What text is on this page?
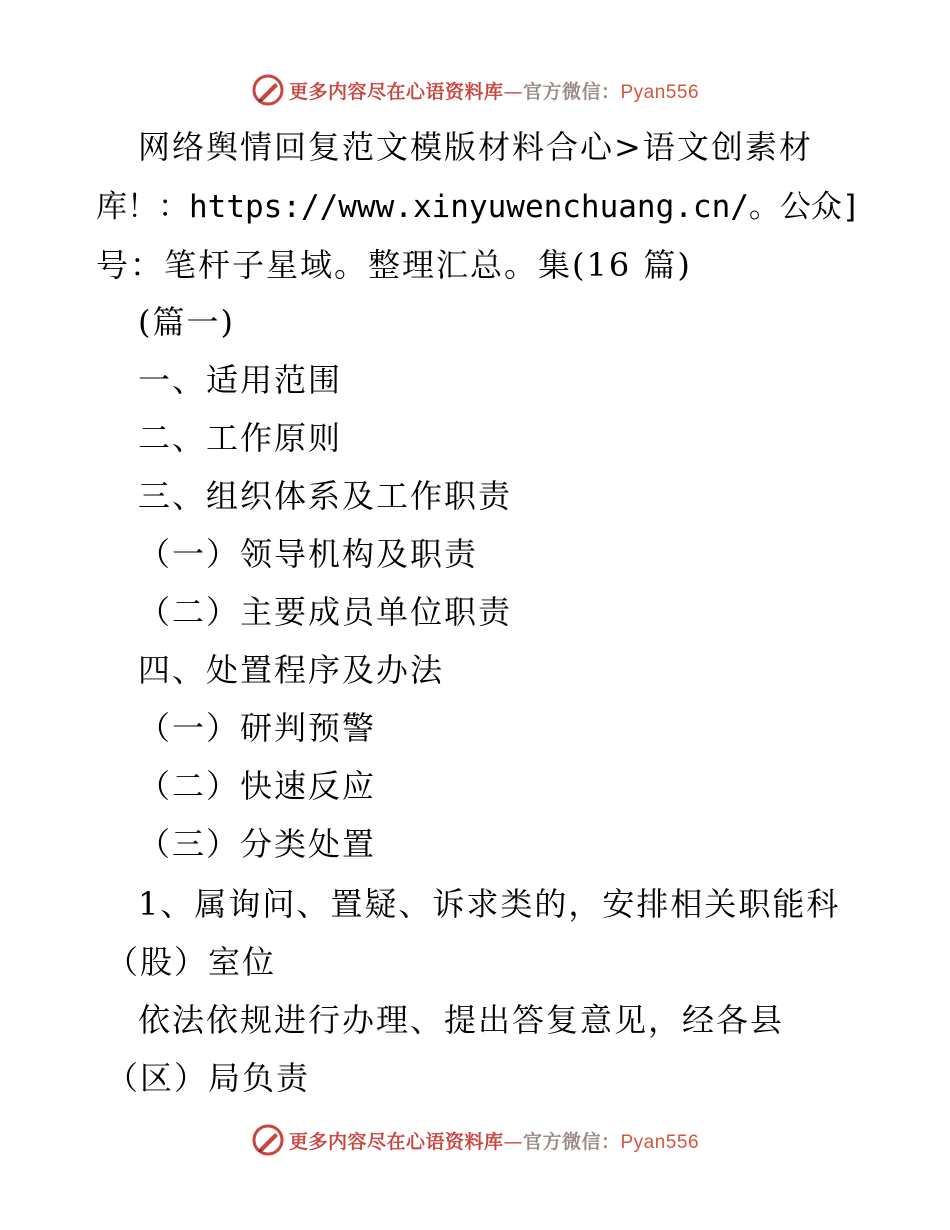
更多内容尽在心语资料库—官方微信：Pyan556
网络舆情回复范文模版材料合心>语文创素材
库！：https://www.xinyuwenchuang.cn/。公众]
号：笔杆子星域。整理汇总。集(16 篇)
(篇一)
一、适用范围
二、工作原则
三、组织体系及工作职责
（一）领导机构及职责
（二）主要成员单位职责
四、处置程序及办法
（一）研判预警
（二）快速反应
（三）分类处置
1、属询问、置疑、诉求类的，安排相关职能科
（股）室位
依法依规进行办理、提出答复意见，经各县
（区）局负责
更多内容尽在心语资料库—官方微信：Pyan556
